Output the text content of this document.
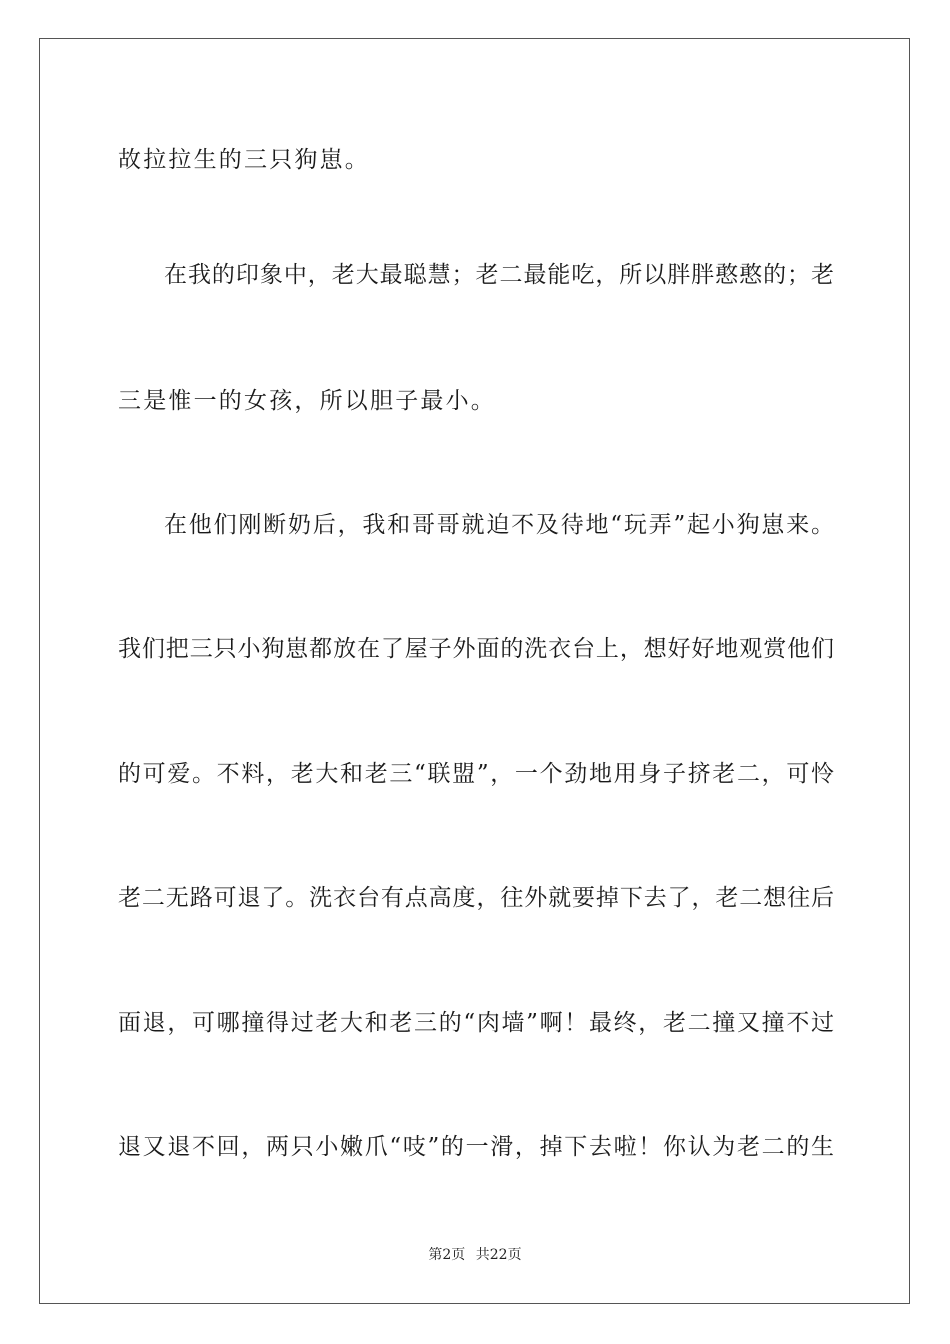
故拉拉生的三只狗崽。
在我的印象中，老大最聪慧；老二最能吃，所以胖胖憨憨的；老
三是惟一的女孩，所以胆子最小。
在他们刚断奶后，我和哥哥就迫不及待地“玩弄”起小狗崽来。
我们把三只小狗崽都放在了屋子外面的洗衣台上，想好好地观赏他们
的可爱。不料，老大和老三“联盟”，一个劲地用身子挤老二，可怜
老二无路可退了。洗衣台有点高度，往外就要掉下去了，老二想往后
面退，可哪撞得过老大和老三的“肉墙”啊！最终，老二撞又撞不过
退又退不回，两只小嫩爪“吱”的一滑，掉下去啦！你认为老二的生
第2页 共22页
